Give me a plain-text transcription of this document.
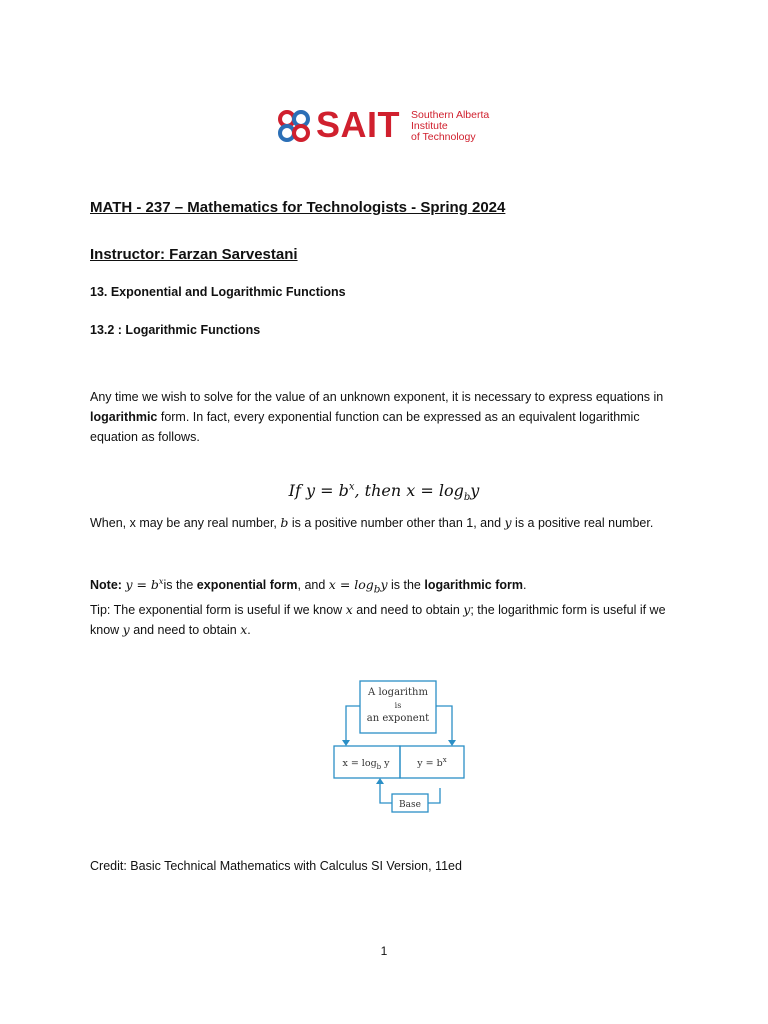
SAIT Southern Alberta
Institute
of Technology
MATH - 237 – Mathematics for Technologists - Spring 2024
Instructor: Farzan Sarvestani
13. Exponential and Logarithmic Functions
13.2 : Logarithmic Functions
Any time we wish to solve for the value of an unknown exponent, it is necessary to express equations in logarithmic form. In fact, every exponential function can be expressed as an equivalent logarithmic equation as follows.
If $y = b^x$, then $x = \log_by$
When, x may be any real number, b is a positive number other than 1, and y is a positive real number.
Note: $y = b^xis$ the exponential form, and $x = \log_by$ is the logarithmic form.
Tip: The exponential form is useful if we know x and need to obtain y; the logarithmic form is useful if we know y and need to obtain x.
A logarithm
is
an exponent
$x = \log_b y$	$y = b^x$
Base
Credit: Basic Technical Mathematics with Calculus SI Version, 11ed
1
